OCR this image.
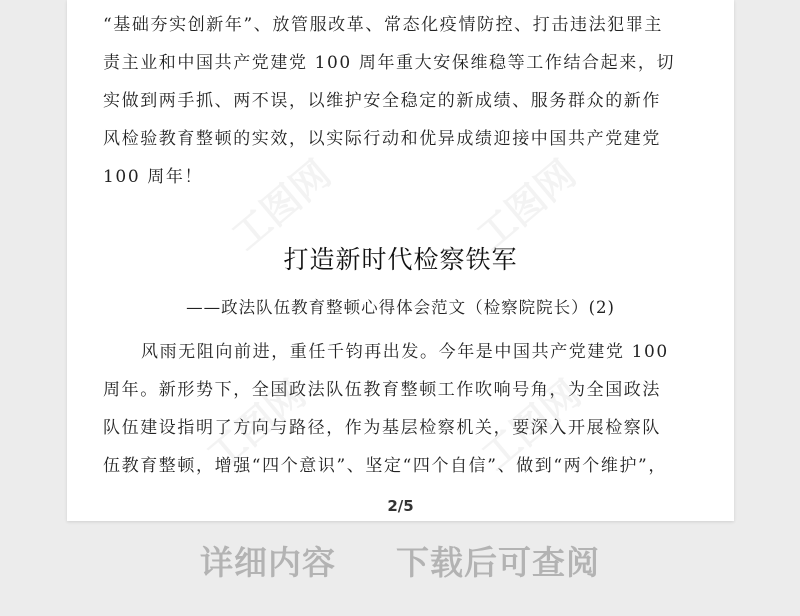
“基础夯实创新年”、放管服改革、常态化疫情防控、打击违法犯罪主
责主业和中国共产党建党 100 周年重大安保维稳等工作结合起来，切
实做到两手抓、两不误，以维护安全稳定的新成绩、服务群众的新作
风检验教育整顿的实效，以实际行动和优异成绩迎接中国共产党建党
100 周年！
打造新时代检察铁军
——政法队伍教育整顿心得体会范文（检察院院长）(2)
风雨无阻向前进，重任千钧再出发。今年是中国共产党建党 100
周年。新形势下，全国政法队伍教育整顿工作吹响号角，为全国政法
队伍建设指明了方向与路径，作为基层检察机关，要深入开展检察队
伍教育整顿，增强“四个意识”、坚定“四个自信”、做到“两个维护”，
2/5
工图网	工图网
工图网	工图网
详细内容 下载后可查阅
